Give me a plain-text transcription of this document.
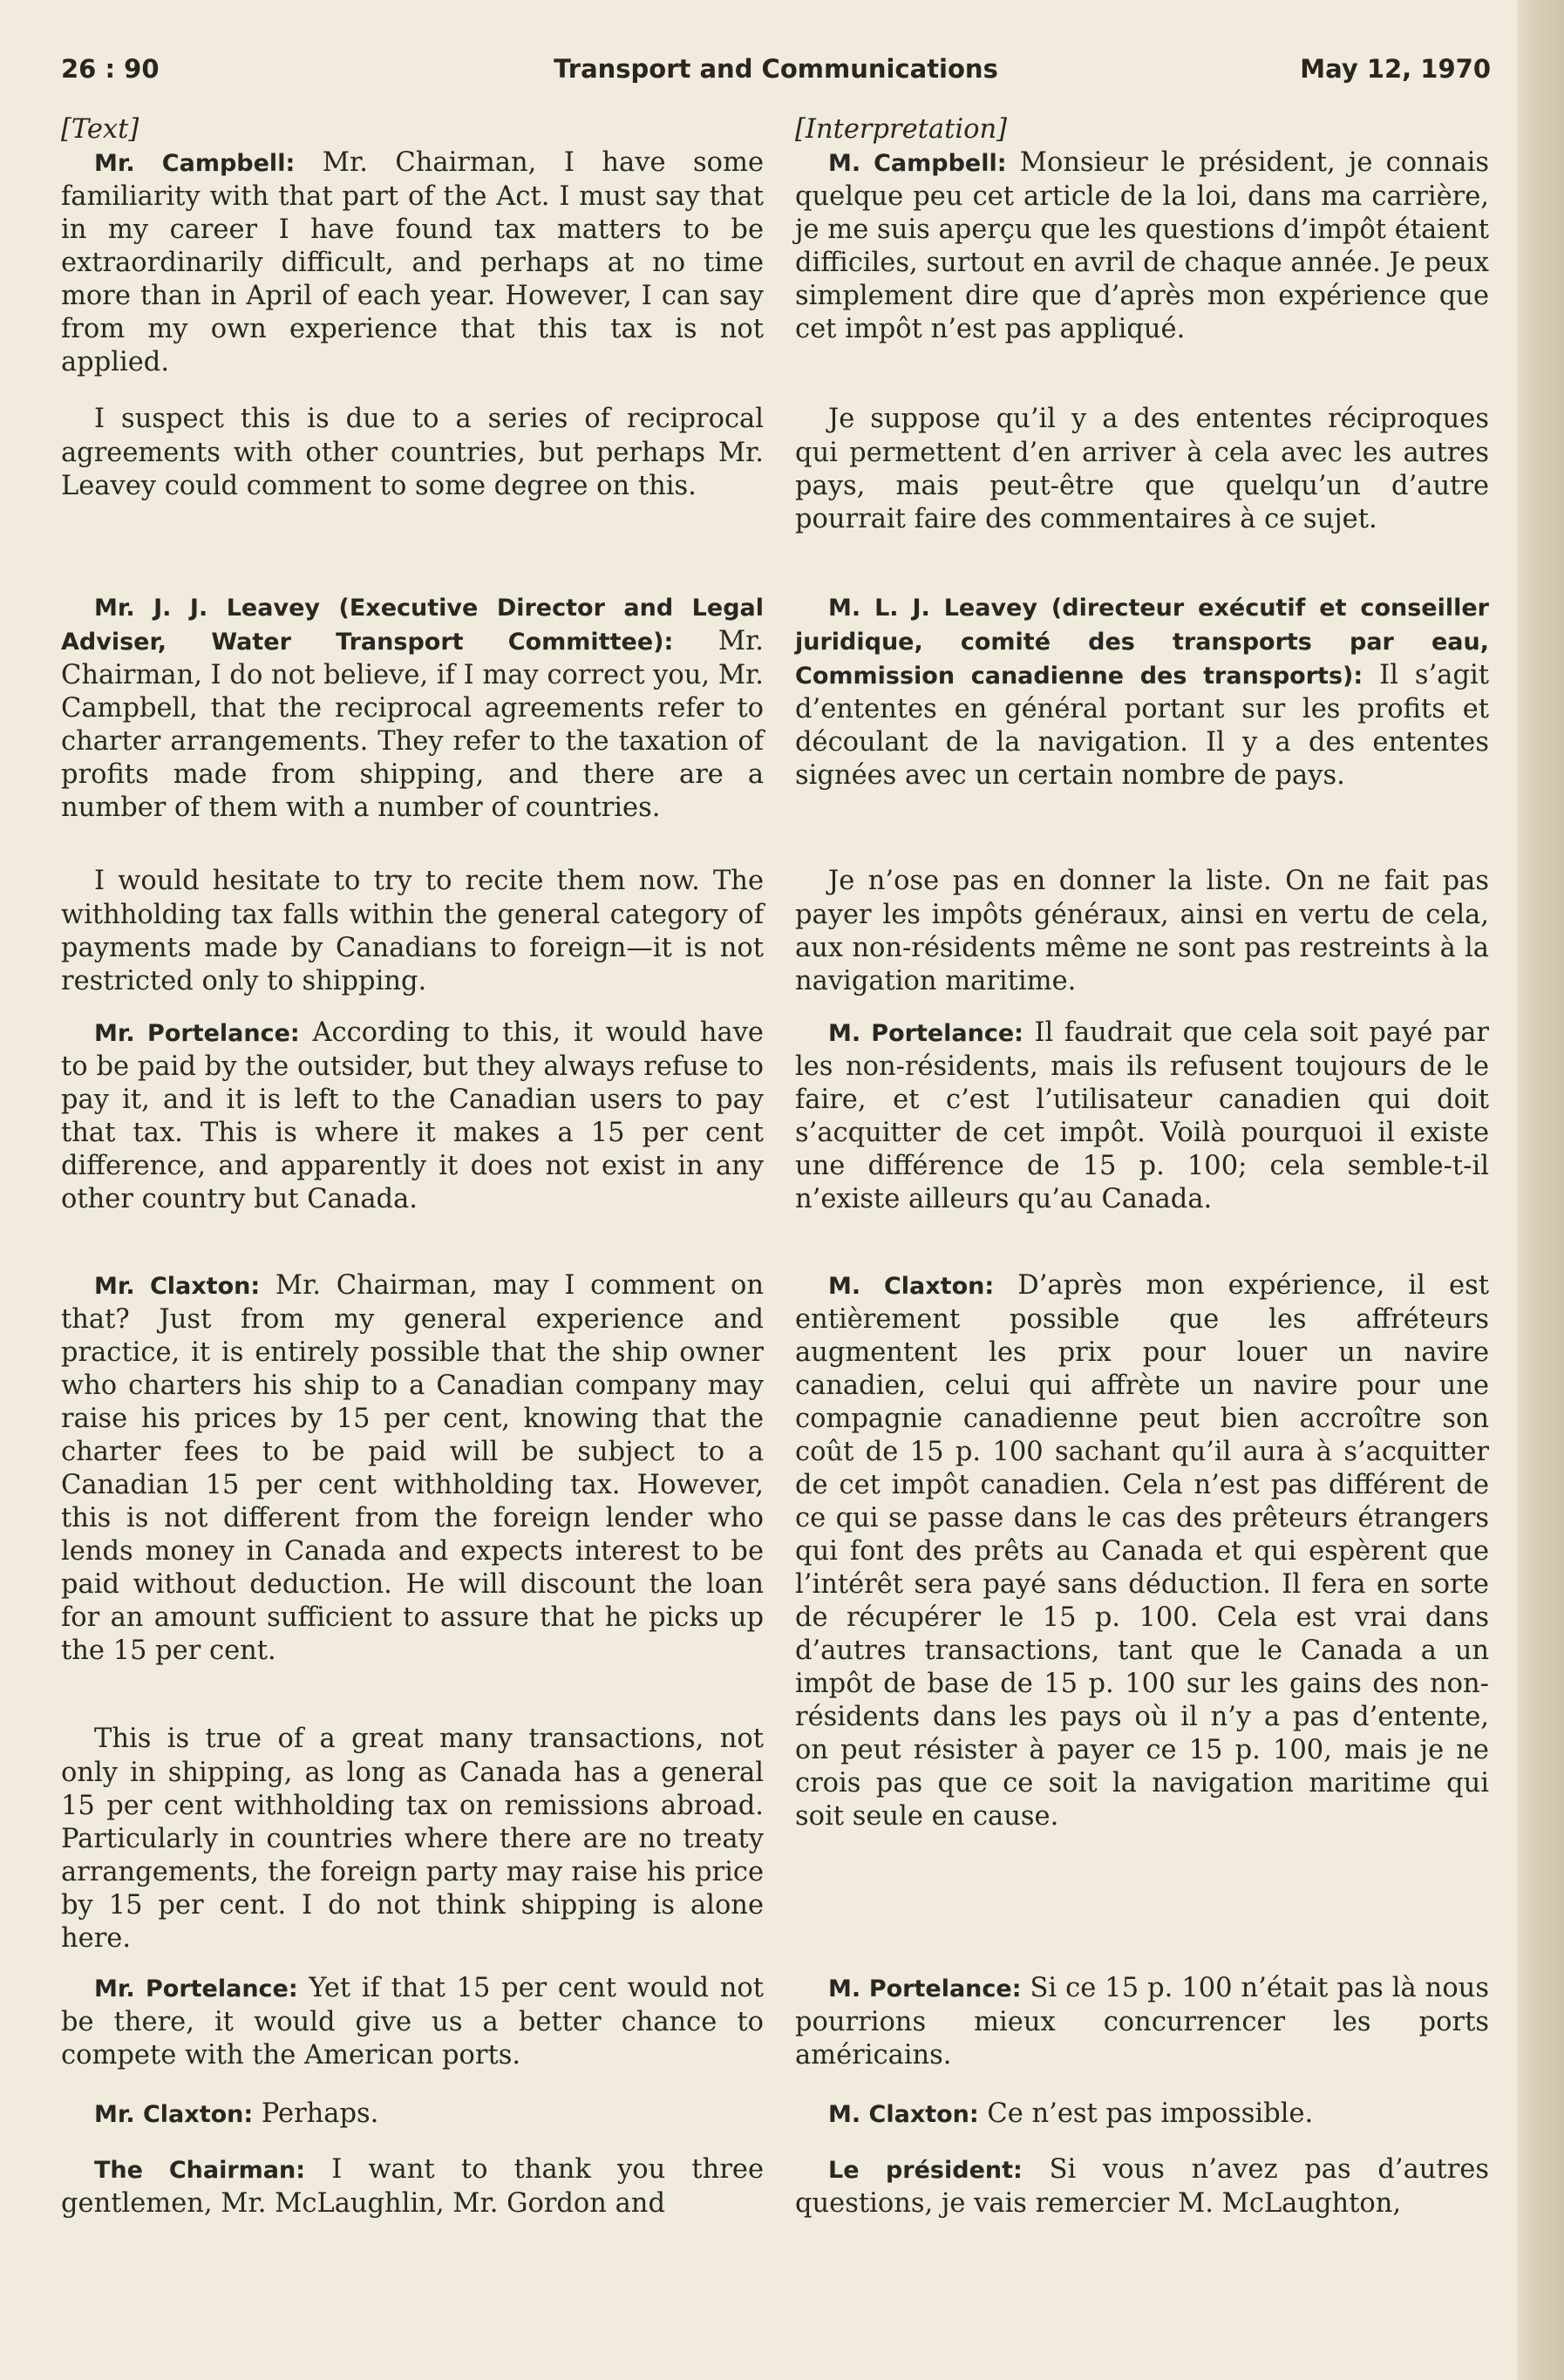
26 : 90	Transport and Communications	May 12, 1970

[Text]

Mr. Campbell: Mr. Chairman, I have some familiarity with that part of the Act. I must say that in my career I have found tax matters to be extraordinarily difficult, and perhaps at no time more than in April of each year. However, I can say from my own experience that this tax is not applied.

I suspect this is due to a series of reciprocal agreements with other countries, but perhaps Mr. Leavey could comment to some degree on this.

Mr. J. J. Leavey (Executive Director and Legal Adviser, Water Transport Committee): Mr. Chairman, I do not believe, if I may correct you, Mr. Campbell, that the reciprocal agreements refer to charter arrangements. They refer to the taxation of profits made from shipping, and there are a number of them with a number of countries.

I would hesitate to try to recite them now. The withholding tax falls within the general category of payments made by Canadians to foreign—it is not restricted only to shipping.

Mr. Portelance: According to this, it would have to be paid by the outsider, but they always refuse to pay it, and it is left to the Canadian users to pay that tax. This is where it makes a 15 per cent difference, and apparently it does not exist in any other country but Canada.

Mr. Claxton: Mr. Chairman, may I comment on that? Just from my general experience and practice, it is entirely possible that the ship owner who charters his ship to a Canadian company may raise his prices by 15 per cent, knowing that the charter fees to be paid will be subject to a Canadian 15 per cent withholding tax. However, this is not different from the foreign lender who lends money in Canada and expects interest to be paid without deduction. He will discount the loan for an amount sufficient to assure that he picks up the 15 per cent.

This is true of a great many transactions, not only in shipping, as long as Canada has a general 15 per cent withholding tax on remissions abroad. Particularly in countries where there are no treaty arrangements, the foreign party may raise his price by 15 per cent. I do not think shipping is alone here.

Mr. Portelance: Yet if that 15 per cent would not be there, it would give us a better chance to compete with the American ports.

Mr. Claxton: Perhaps.

The Chairman: I want to thank you three gentlemen, Mr. McLaughlin, Mr. Gordon and

[Interpretation]

M. Campbell: Monsieur le président, je connais quelque peu cet article de la loi, dans ma carrière, je me suis aperçu que les questions d’impôt étaient difficiles, surtout en avril de chaque année. Je peux simplement dire que d’après mon expérience que cet impôt n’est pas appliqué.

Je suppose qu’il y a des ententes réciproques qui permettent d’en arriver à cela avec les autres pays, mais peut-être que quelqu’un d’autre pourrait faire des commentaires à ce sujet.

M. L. J. Leavey (directeur exécutif et conseiller juridique, comité des transports par eau, Commission canadienne des transports): Il s’agit d’ententes en général portant sur les profits et découlant de la navigation. Il y a des ententes signées avec un certain nombre de pays.

Je n’ose pas en donner la liste. On ne fait pas payer les impôts généraux, ainsi en vertu de cela, aux non-résidents même ne sont pas restreints à la navigation maritime.

M. Portelance: Il faudrait que cela soit payé par les non-résidents, mais ils refusent toujours de le faire, et c’est l’utilisateur canadien qui doit s’acquitter de cet impôt. Voilà pourquoi il existe une différence de 15 p. 100; cela semble-t-il n’existe ailleurs qu’au Canada.

M. Claxton: D’après mon expérience, il est entièrement possible que les affréteurs augmentent les prix pour louer un navire canadien, celui qui affrète un navire pour une compagnie canadienne peut bien accroître son coût de 15 p. 100 sachant qu’il aura à s’acquitter de cet impôt canadien. Cela n’est pas différent de ce qui se passe dans le cas des prêteurs étrangers qui font des prêts au Canada et qui espèrent que l’intérêt sera payé sans déduction. Il fera en sorte de récupérer le 15 p. 100. Cela est vrai dans d’autres transactions, tant que le Canada a un impôt de base de 15 p. 100 sur les gains des non-résidents dans les pays où il n’y a pas d’entente, on peut résister à payer ce 15 p. 100, mais je ne crois pas que ce soit la navigation maritime qui soit seule en cause.

M. Portelance: Si ce 15 p. 100 n’était pas là nous pourrions mieux concurrencer les ports américains.

M. Claxton: Ce n’est pas impossible.

Le président: Si vous n’avez pas d’autres questions, je vais remercier M. McLaughton,
